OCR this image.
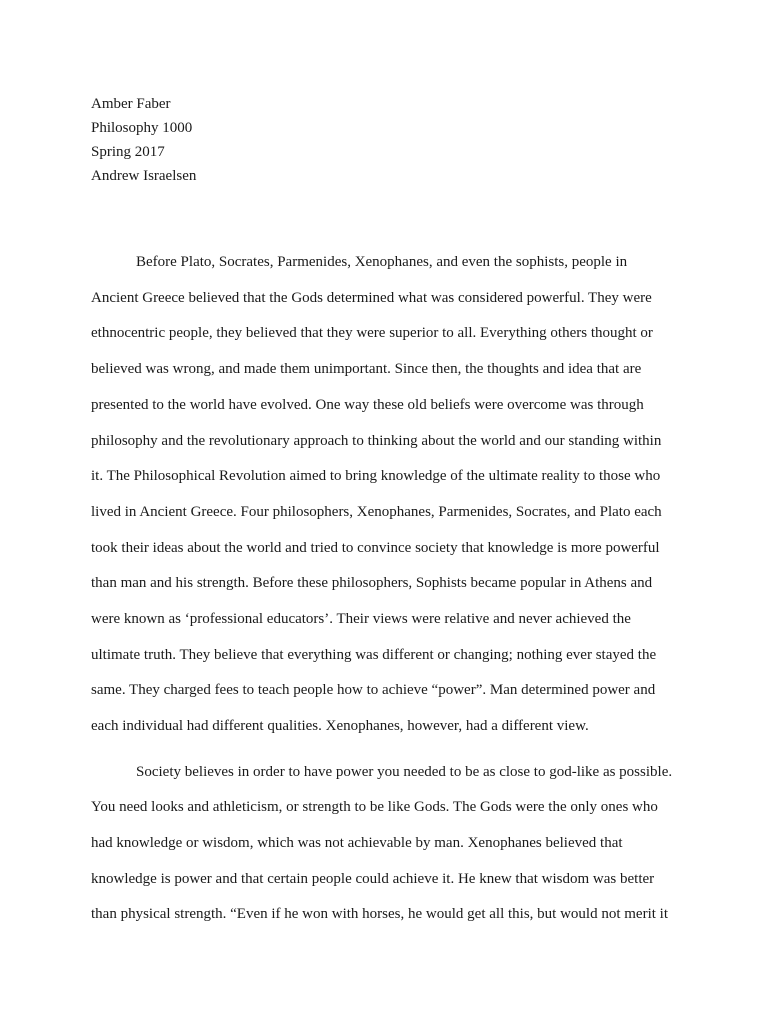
Amber Faber
Philosophy 1000
Spring 2017
Andrew Israelsen
Before Plato, Socrates, Parmenides, Xenophanes, and even the sophists, people in
Ancient Greece believed that the Gods determined what was considered powerful. They were
ethnocentric people, they believed that they were superior to all. Everything others thought or
believed was wrong, and made them unimportant. Since then, the thoughts and idea that are
presented to the world have evolved. One way these old beliefs were overcome was through
philosophy and the revolutionary approach to thinking about the world and our standing within
it. The Philosophical Revolution aimed to bring knowledge of the ultimate reality to those who
lived in Ancient Greece. Four philosophers, Xenophanes, Parmenides, Socrates, and Plato each
took their ideas about the world and tried to convince society that knowledge is more powerful
than man and his strength. Before these philosophers, Sophists became popular in Athens and
were known as ‘professional educators’. Their views were relative and never achieved the
ultimate truth. They believe that everything was different or changing; nothing ever stayed the
same. They charged fees to teach people how to achieve “power”. Man determined power and
each individual had different qualities. Xenophanes, however, had a different view.
Society believes in order to have power you needed to be as close to god-like as possible.
You need looks and athleticism, or strength to be like Gods. The Gods were the only ones who
had knowledge or wisdom, which was not achievable by man. Xenophanes believed that
knowledge is power and that certain people could achieve it. He knew that wisdom was better
than physical strength. “Even if he won with horses, he would get all this, but would not merit it
